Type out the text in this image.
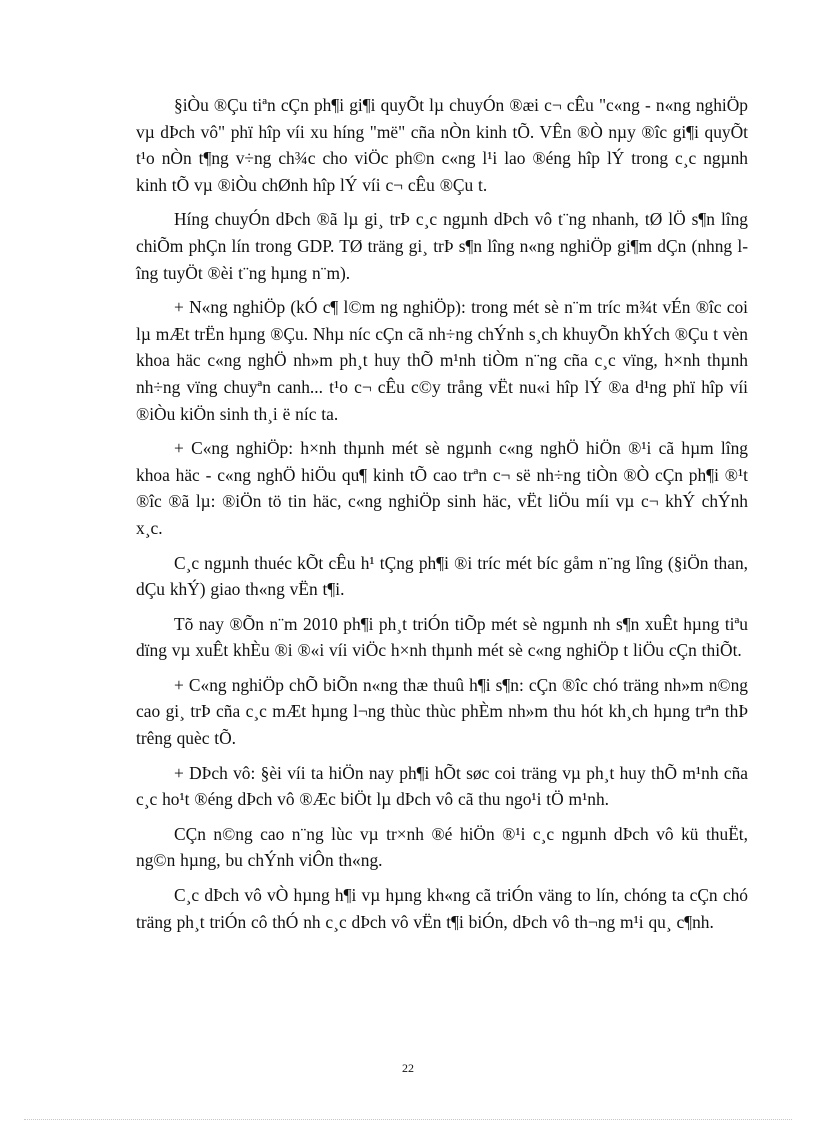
§iÒu ®Çu tiªn cÇn ph¶i gi¶i quyÕt lµ chuyÓn ®æi c¬ cÊu "c«ng - n«ng nghiÖp vµ dÞch vô" phï hîp víi xu híng "më" cña nÒn kinh tÕ. VÊn ®Ò nµy ®îc gi¶i quyÕt t¹o nÒn t¶ng v÷ng ch¾c cho viÖc ph©n c«ng l¹i lao ®éng hîp lÝ trong c¸c ngµnh kinh tÕ vµ ®iÒu chØnh hîp lÝ víi c¬ cÊu ®Çu t.

Híng chuyÓn dÞch ®ã lµ gi¸ trÞ c¸c ngµnh dÞch vô t¨ng nhanh, tØ lÖ s¶n lîng chiÕm phÇn lín trong GDP. TØ träng gi¸ trÞ s¶n lîng n«ng nghiÖp gi¶m dÇn (nhng lîng tuyÖt ®èi t¨ng hµng n¨m).

+ N«ng nghiÖp (kÓ c¶ l©m ng nghiÖp): trong mét sè n¨m tríc m¾t vÉn ®îc coi lµ mÆt trËn hµng ®Çu. Nhµ níc cÇn cã nh÷ng chÝnh s¸ch khuyÕn khÝch ®Çu t vèn khoa häc c«ng nghÖ nh»m ph¸t huy thÕ m¹nh tiÒm n¨ng cña c¸c vïng, h×nh thµnh nh÷ng vïng chuyªn canh... t¹o c¬ cÊu c©y trång vËt nu«i hîp lÝ ®a d¹ng phï hîp víi ®iÒu kiÖn sinh th¸i ë níc ta.

+ C«ng nghiÖp: h×nh thµnh mét sè ngµnh c«ng nghÖ hiÖn ®¹i cã hµm lîng khoa häc - c«ng nghÖ hiÖu qu¶ kinh tÕ cao trªn c¬ së nh÷ng tiÒn ®Ò cÇn ph¶i ®¹t ®îc ®ã lµ: ®iÖn tö tin häc, c«ng nghiÖp sinh häc, vËt liÖu míi vµ c¬ khÝ chÝnh x¸c.

C¸c ngµnh thuéc kÕt cÊu h¹ tÇng ph¶i ®i tríc mét bíc gåm n¨ng lîng (§iÖn than, dÇu khÝ) giao th«ng vËn t¶i.

Tõ nay ®Õn n¨m 2010 ph¶i ph¸t triÓn tiÕp mét sè ngµnh nh s¶n xuÊt hµng tiªu dïng vµ xuÊt khÈu ®i ®«i víi viÖc h×nh thµnh mét sè c«ng nghiÖp t liÖu cÇn thiÕt.

+ C«ng nghiÖp chÕ biÕn n«ng thæ thuû h¶i s¶n: cÇn ®îc chó träng nh»m n©ng cao gi¸ trÞ cña c¸c mÆt hµng l¬ng thùc thùc phÈm nh»m thu hót kh¸ch hµng trªn thÞ trêng quèc tÕ.

+ DÞch vô: §èi víi ta hiÖn nay ph¶i hÕt søc coi träng vµ ph¸t huy thÕ m¹nh cña c¸c ho¹t ®éng dÞch vô ®Æc biÖt lµ dÞch vô cã thu ngo¹i tÖ m¹nh.

CÇn n©ng cao n¨ng lùc vµ tr×nh ®é hiÖn ®¹i c¸c ngµnh dÞch vô kü thuËt, ng©n hµng, bu chÝnh viÔn th«ng.

C¸c dÞch vô vÒ hµng h¶i vµ hµng kh«ng cã triÓn väng to lín, chóng ta cÇn chó träng ph¸t triÓn cô thÓ nh c¸c dÞch vô vËn t¶i biÓn, dÞch vô th¬ng m¹i qu¸ c¶nh.

22
